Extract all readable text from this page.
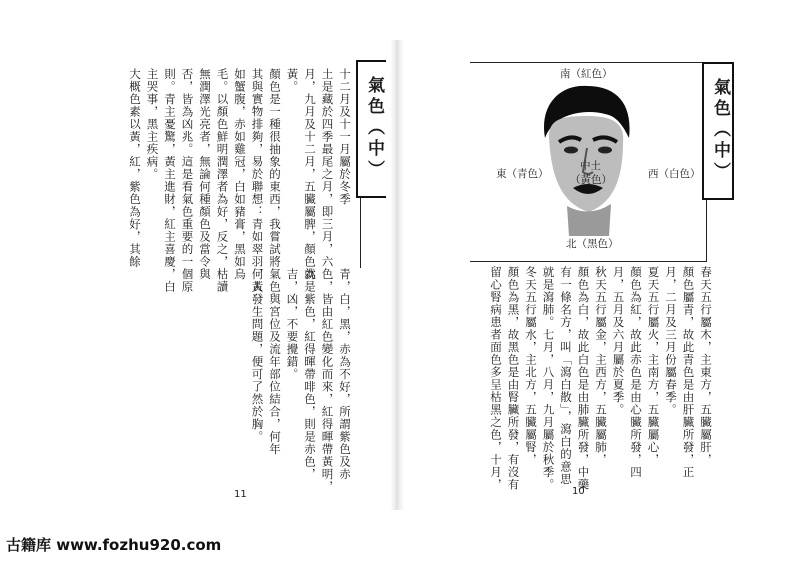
氣色（中）
十二月及十一月屬於冬季
土是藏於四季最尾之月，即三月，六
月，九月及十二月，五臟屬脾，顏色為
黃。
顏色是一種很抽象的東西，我嘗試將
其與實物排夠，易於聯想：青如翠羽，黃
如蟹腹，赤如雞冠，白如豬膏，黑如烏
毛。以顏色鮮明潤澤者為好，反之，枯讀
無潤澤光亮者，無論何種顏色及當令與
否，皆為凶兆。這是看氣色重要的一個原
則。青主憂驚，黃主進財，紅主喜慶，白
主哭事，黑主疾病。
大概色素以黃，紅，紫色為好，其餘
青，白，黑，赤為不好，所謂紫色及赤
色，皆由紅色變化而來，紅得暉帶黃明，
就是紫色，紅得暉帶啡色，則是赤色，
吉，凶，不要攪錯。
氣色與宮位及流年部位結合，何年
何人發生問題，便可了然於胸。
11
氣色（中）
南（紅色）
中土
（黃色）
東（青色）	西（白色）
北（黑色）
春天五行屬木，主東方，五臟屬肝，
顏色屬青，故此青色是由肝臟所發，正
月，二月及三月份屬春季。
夏天五行屬火，主南方，五臟屬心，
顏色為紅，故此赤色是由心臟所發，四
月，五月及六月屬於夏季。
秋天五行屬金，主西方，五臟屬肺，
顏色為白，故此白色是由肺臟所發，中藥
有一條名方，叫「瀉白散」，瀉白的意思
就是瀉肺。七月，八月，九月屬於秋季。
冬天五行屬水，主北方，五臟屬腎，
顏色為黑，故黑色是由腎臟所發，有沒有
留心腎病患者面色多呈枯黑之色，十月，
10
古籍库 www.fozhu920.com
